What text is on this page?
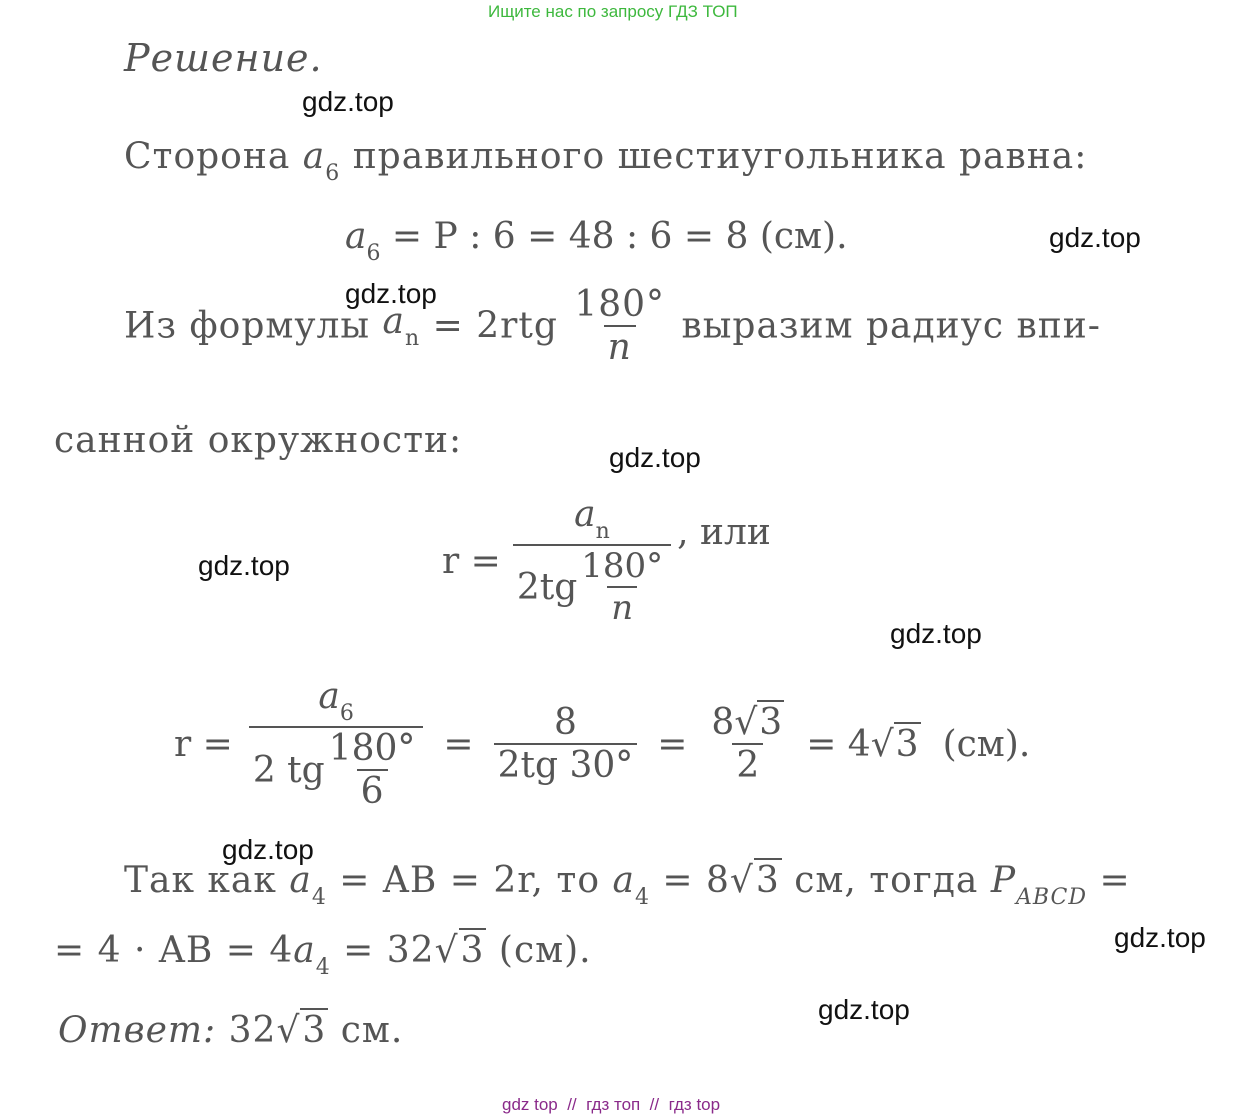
Ищите нас по запросу ГДЗ ТОП
Решение.
Сторона $a_6$ правильного шестиугольника равна:
$a_6 = P$ : 6 = 48 : 6 = 8 (см).
Из формулы $a_n = 2rtg \frac{180^\circ}{n}$ выразим радиус впи-
санной окружности:
$r = \frac{a_n}{2tg \frac{180^\circ}{n}}$ , или
$r = \frac{a_6}{2 tg \frac{180^\circ}{6}} = \frac{8}{2tg 30^\circ} = \frac{8√3}{2} = 4√3$ (см).
Так как $a_4$ = AB = 2r, то $a_4 = 8√3$ см, тогда $P_{ABCD}$ =
= 4 · AB = $4a_4 = 32√3$ (см).
Ответ: 32√3 см.
gdz.top
gdz.top
gdz.top
gdz.top
gdz.top
gdz.top
gdz.top
gdz.top
gdz.top
gdz top  //  гдз топ  //  гдз top
